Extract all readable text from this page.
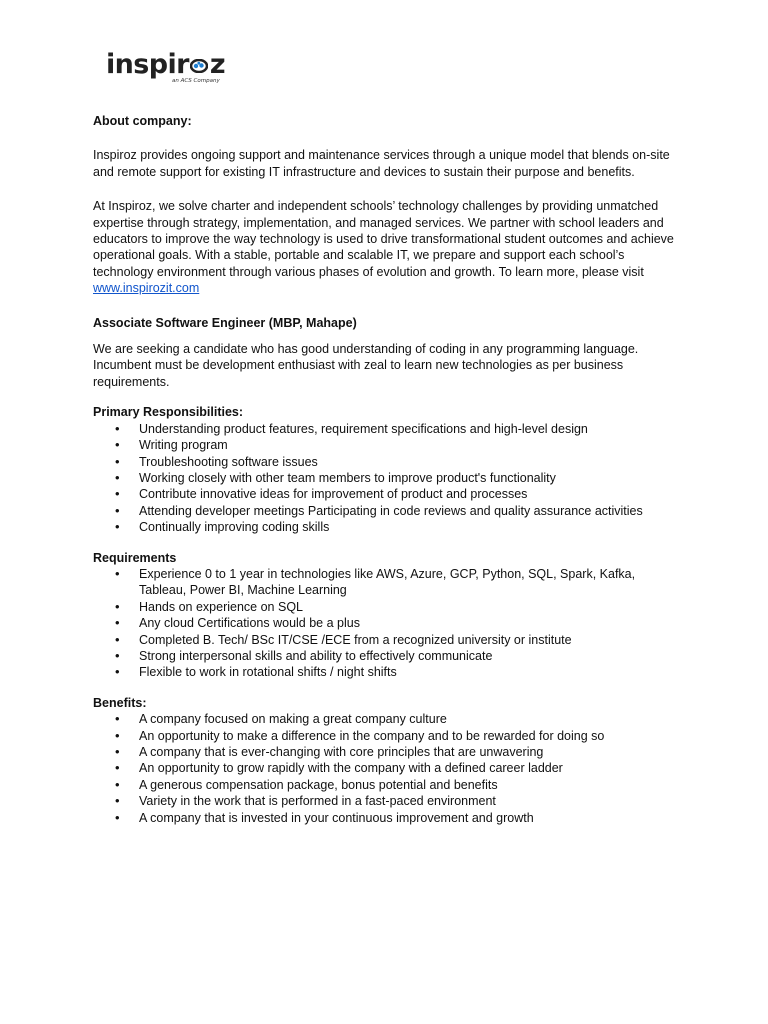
inspir z
an ACS Company

About company:

Inspiroz provides ongoing support and maintenance services through a unique model that blends on-site and remote support for existing IT infrastructure and devices to sustain their purpose and benefits.

At Inspiroz, we solve charter and independent schools’ technology challenges by providing unmatched expertise through strategy, implementation, and managed services. We partner with school leaders and educators to improve the way technology is used to drive transformational student outcomes and achieve operational goals. With a stable, portable and scalable IT, we prepare and support each school’s technology environment through various phases of evolution and growth. To learn more, please visit www.inspirozit.com

Associate Software Engineer (MBP, Mahape)

We are seeking a candidate who has good understanding of coding in any programming language. Incumbent must be development enthusiast with zeal to learn new technologies as per business requirements.

Primary Responsibilities:

• Understanding product features, requirement specifications and high-level design
• Writing program
• Troubleshooting software issues
• Working closely with other team members to improve product's functionality
• Contribute innovative ideas for improvement of product and processes
• Attending developer meetings Participating in code reviews and quality assurance activities
• Continually improving coding skills

Requirements

• Experience 0 to 1 year in technologies like AWS, Azure, GCP, Python, SQL, Spark, Kafka, Tableau, Power BI, Machine Learning
• Hands on experience on SQL
• Any cloud Certifications would be a plus
• Completed B. Tech/ BSc IT/CSE /ECE from a recognized university or institute
• Strong interpersonal skills and ability to effectively communicate
• Flexible to work in rotational shifts / night shifts

Benefits:

• A company focused on making a great company culture
• An opportunity to make a difference in the company and to be rewarded for doing so
• A company that is ever-changing with core principles that are unwavering
• An opportunity to grow rapidly with the company with a defined career ladder
• A generous compensation package, bonus potential and benefits
• Variety in the work that is performed in a fast-paced environment
• A company that is invested in your continuous improvement and growth
